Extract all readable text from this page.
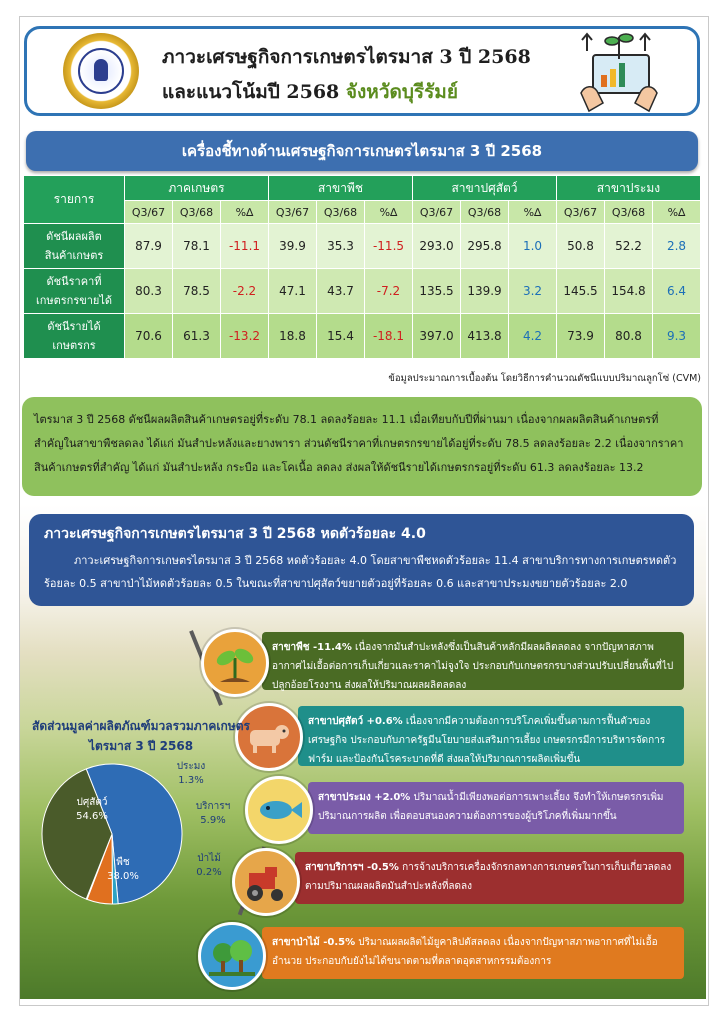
ภาวะเศรษฐกิจการเกษตรไตรมาส 3 ปี 2568
และแนวโน้มปี 2568 จังหวัดบุรีรัมย์
เครื่องชี้ทางด้านเศรษฐกิจการเกษตรไตรมาส 3 ปี 2568
รายการ	ภาคเกษตร			สาขาพืช			สาขาปศุสัตว์			สาขาประมง		
	Q3/67	Q3/68	%∆	Q3/67	Q3/68	%∆	Q3/67	Q3/68	%∆	Q3/67	Q3/68	%∆

ดัชนีผลผลิต
สินค้าเกษตร	87.9	78.1	-11.1	39.9	35.3	-11.5	293.0	295.8	1.0	50.8	52.2	2.8

ดัชนีราคาที่
เกษตรกรขายได้	80.3	78.5	-2.2	47.1	43.7	-7.2	135.5	139.9	3.2	145.5	154.8	6.4

ดัชนีรายได้
เกษตรกร	70.6	61.3	-13.2	18.8	15.4	-18.1	397.0	413.8	4.2	73.9	80.8	9.3
ข้อมูลประมาณการเบื้องต้น โดยวิธีการคำนวณดัชนีแบบปริมาณลูกโซ่ (CVM)
ไตรมาส 3 ปี 2568 ดัชนีผลผลิตสินค้าเกษตรอยู่ที่ระดับ 78.1 ลดลงร้อยละ 11.1 เมื่อเทียบกับปีที่ผ่านมา เนื่องจากผลผลิตสินค้าเกษตรที่สำคัญในสาขาพืชลดลง ได้แก่ มันสำปะหลังและยางพารา ส่วนดัชนีราคาที่เกษตรกรขายได้อยู่ที่ระดับ 78.5 ลดลงร้อยละ 2.2 เนื่องจากราคาสินค้าเกษตรที่สำคัญ ได้แก่ มันสำปะหลัง กระบือ และโคเนื้อ ลดลง ส่งผลให้ดัชนีรายได้เกษตรกรอยู่ที่ระดับ 61.3 ลดลงร้อยละ 13.2
ภาวะเศรษฐกิจการเกษตรไตรมาส 3 ปี 2568 หดตัวร้อยละ 4.0
ภาวะเศรษฐกิจการเกษตรไตรมาส 3 ปี 2568 หดตัวร้อยละ 4.0 โดยสาขาพืชหดตัวร้อยละ 11.4 สาขาบริการทางการเกษตรหดตัวร้อยละ 0.5 สาขาป่าไม้หดตัวร้อยละ 0.5 ในขณะที่สาขาปศุสัตว์ขยายตัวอยู่ที่ร้อยละ 0.6 และสาขาประมงขยายตัวร้อยละ 2.0
สาขาพืช -11.4% เนื่องจากมันสำปะหลังซึ่งเป็นสินค้าหลักมีผลผลิตลดลง จากปัญหาสภาพอากาศไม่เอื้อต่อการเก็บเกี่ยวและราคาไม่จูงใจ ประกอบกับเกษตรกรบางส่วนปรับเปลี่ยนพื้นที่ไปปลูกอ้อยโรงงาน ส่งผลให้ปริมาณผลผลิตลดลง
สาขาปศุสัตว์ +0.6% เนื่องจากมีความต้องการบริโภคเพิ่มขึ้นตามการฟื้นตัวของเศรษฐกิจ ประกอบกับภาครัฐมีนโยบายส่งเสริมการเลี้ยง เกษตรกรมีการบริหารจัดการฟาร์ม และป้องกันโรคระบาดที่ดี ส่งผลให้ปริมาณการผลิตเพิ่มขึ้น
สาขาประมง +2.0% ปริมาณน้ำมีเพียงพอต่อการเพาะเลี้ยง จึงทำให้เกษตรกรเพิ่มปริมาณการผลิต เพื่อตอบสนองความต้องการของผู้บริโภคที่เพิ่มมากขึ้น
สาขาบริการฯ -0.5% การจ้างบริการเครื่องจักรกลทางการเกษตรในการเก็บเกี่ยวลดลง ตามปริมาณผลผลิตมันสำปะหลังที่ลดลง
สาขาป่าไม้ -0.5% ปริมาณผลผลิตไม้ยูคาลิปตัสลดลง เนื่องจากปัญหาสภาพอากาศที่ไม่เอื้ออำนวย ประกอบกับยังไม่ได้ขนาดตามที่ตลาดอุตสาหกรรมต้องการ
สัดส่วนมูลค่าผลิตภัณฑ์มวลรวมภาคเกษตร
ไตรมาส 3 ปี 2568
ปศุสัตว์
54.6%
พืช
38.0%
ประมง
1.3%
บริการฯ
5.9%
ป่าไม้
0.2%
